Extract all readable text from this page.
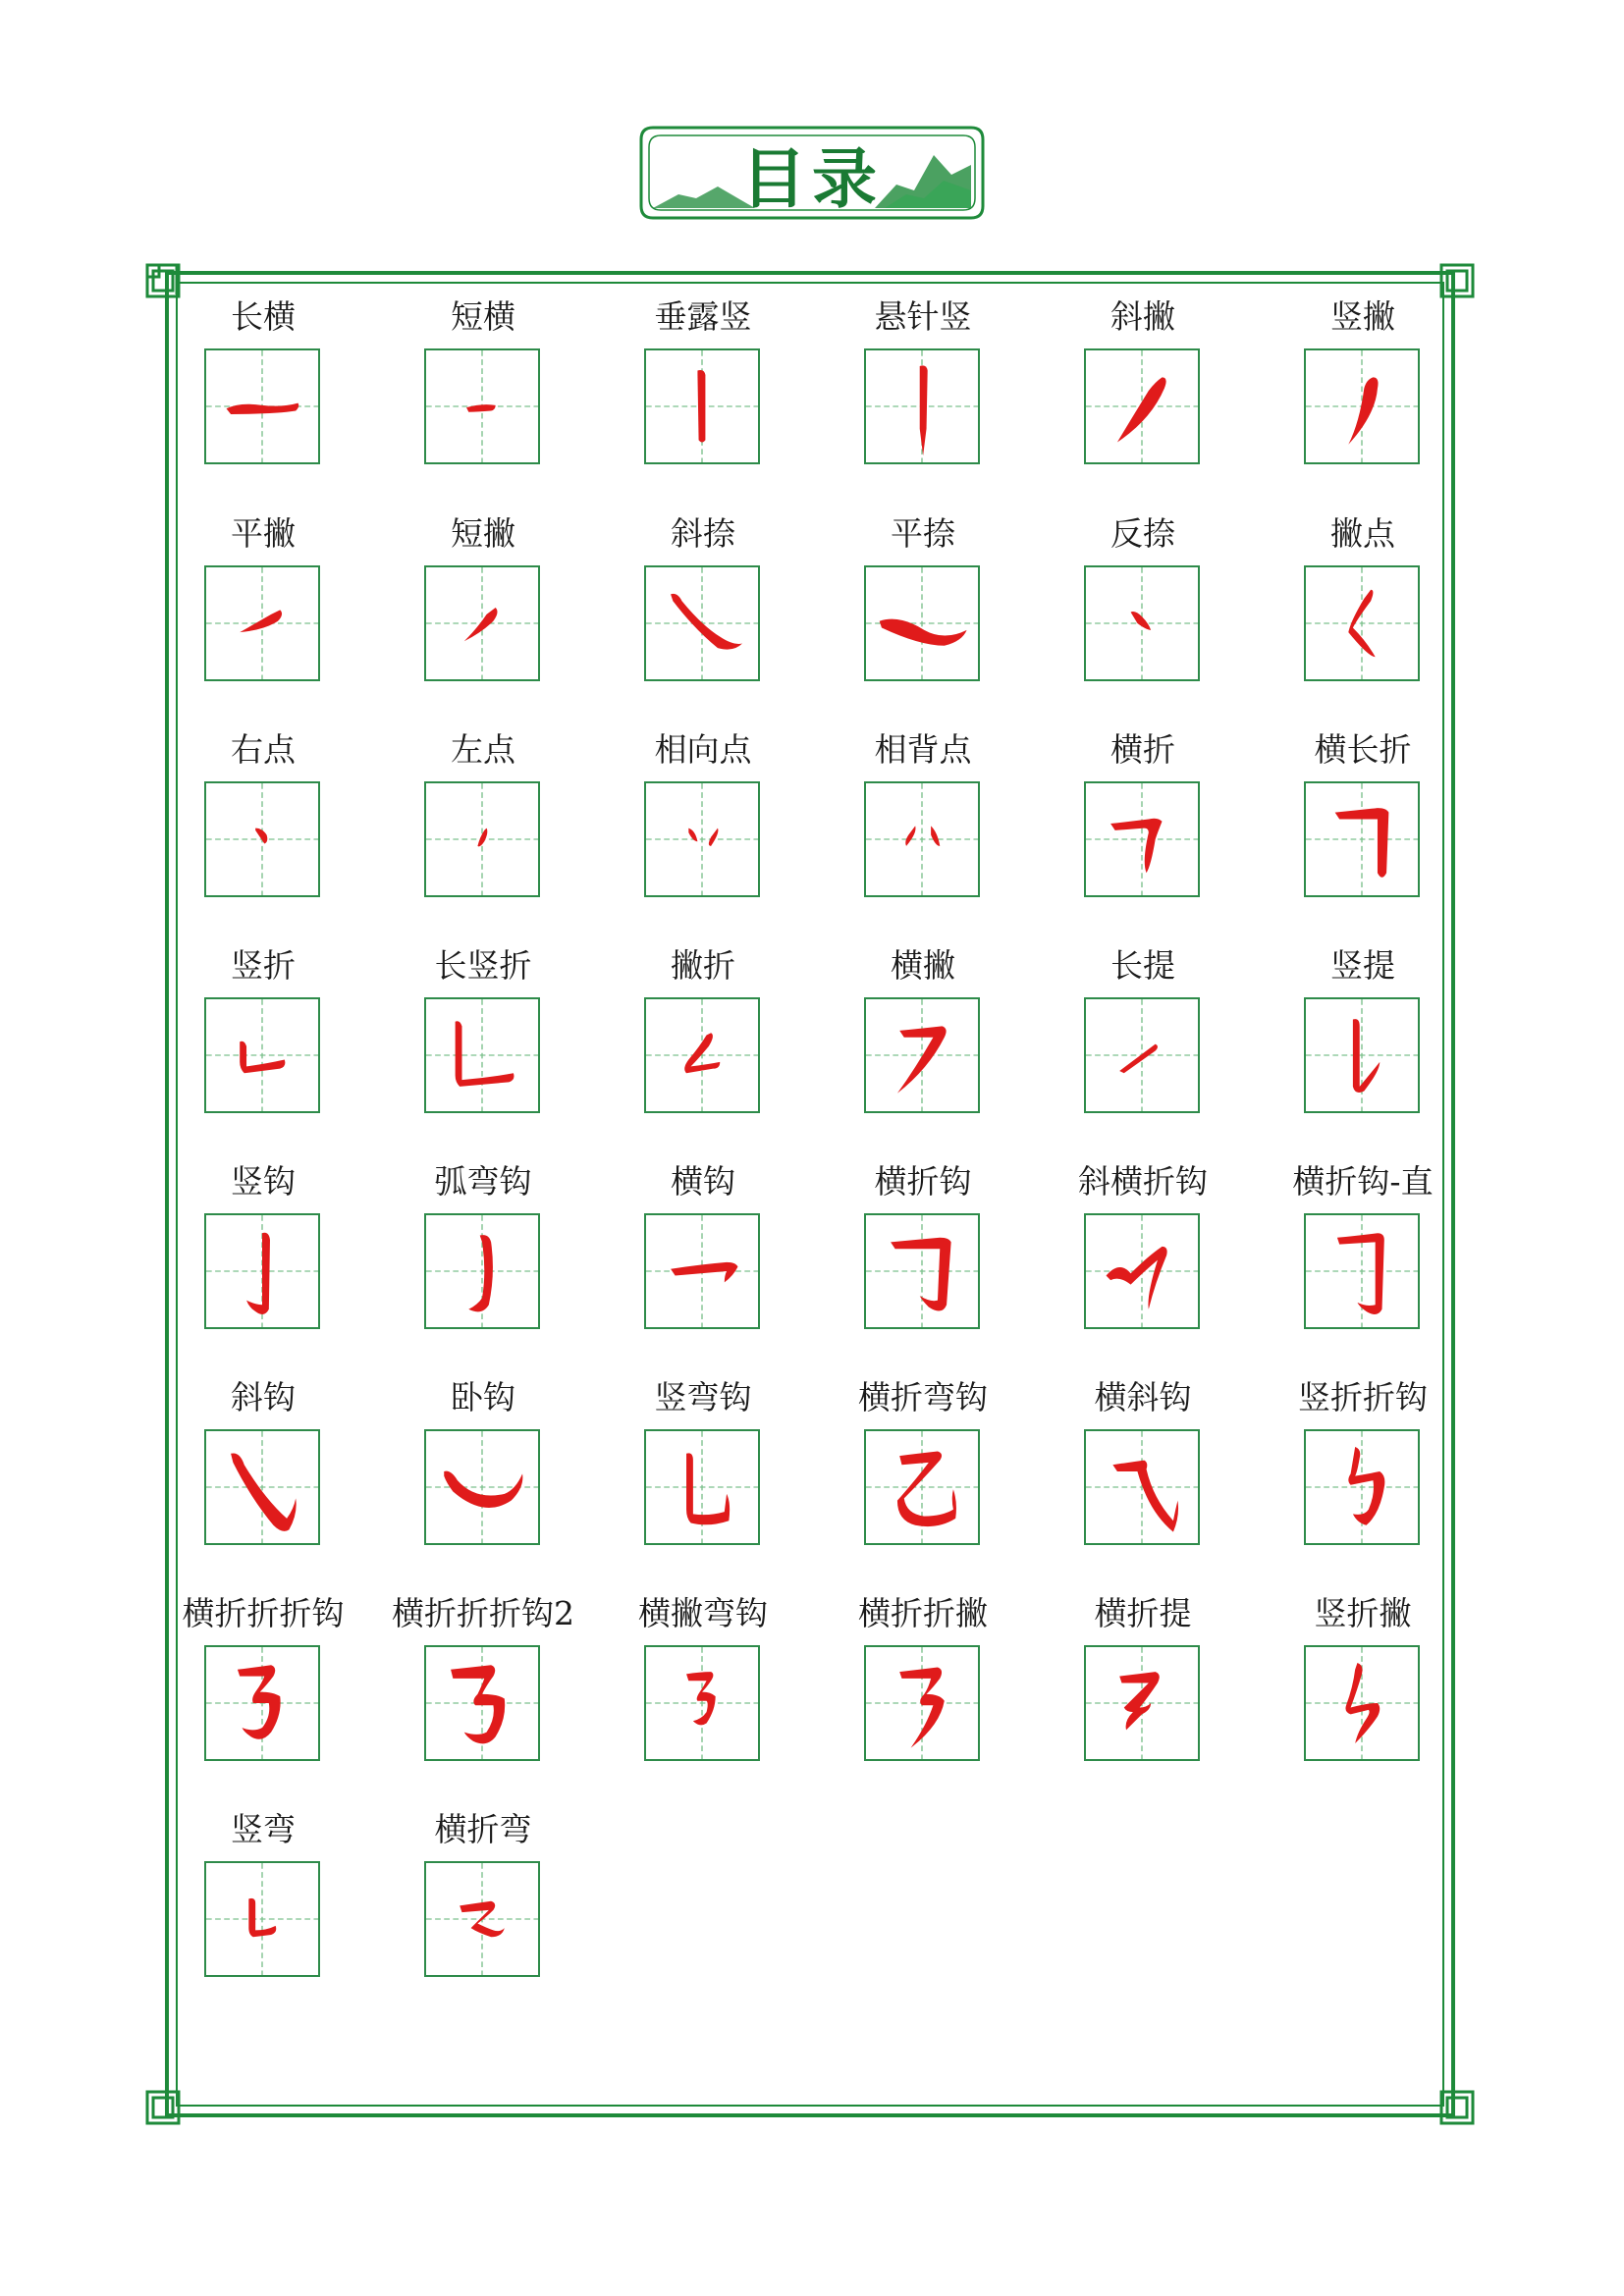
目录
长横	短横	垂露竖	悬针竖	斜撇	竖撇
平撇	短撇	斜捺	平捺	反捺	撇点
右点	左点	相向点	相背点	横折	横长折
竖折	长竖折	撇折	横撇	长提	竖提
竖钩	弧弯钩	横钩	横折钩	斜横折钩	横折钩-直
斜钩	卧钩	竖弯钩	横折弯钩	横斜钩	竖折折钩
横折折折钩	横折折折钩2	横撇弯钩	横折折撇	横折提	竖折撇
竖弯	横折弯
